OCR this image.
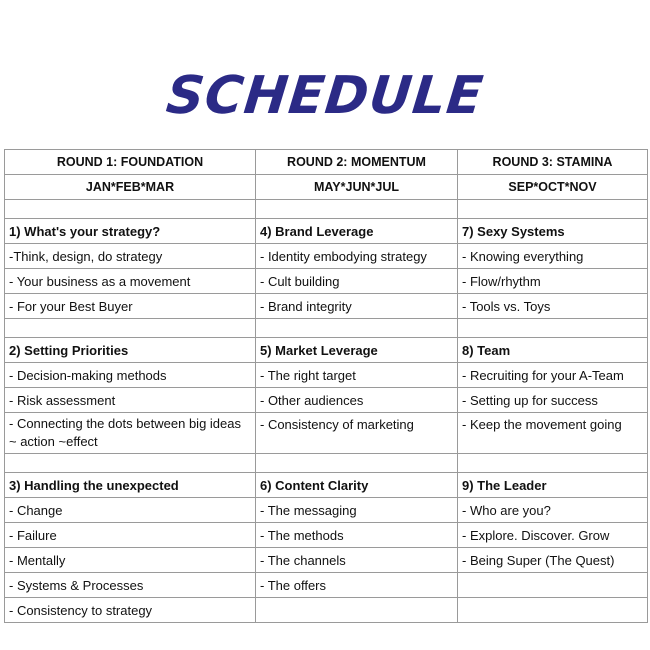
SCHEDULE
ROUND 1: FOUNDATION	ROUND 2: MOMENTUM	ROUND 3: STAMINA
JAN*FEB*MAR	MAY*JUN*JUL	SEP*OCT*NOV

1) What's your strategy?	4) Brand Leverage	7) Sexy Systems
-Think, design, do strategy	- Identity embodying strategy	- Knowing everything
- Your business as a movement	- Cult building	- Flow/rhythm
- For your Best Buyer	- Brand integrity	- Tools vs. Toys

2) Setting Priorities	5) Market Leverage	8) Team
- Decision-making methods	- The right target	- Recruiting for your A-Team
- Risk assessment	- Other audiences	- Setting up for success
- Connecting the dots between big ideas ~ action ~effect	- Consistency of marketing	- Keep the movement going

3) Handling the unexpected	6) Content Clarity	9) The Leader
- Change	- The messaging	- Who are you?
- Failure	- The methods	- Explore. Discover. Grow
- Mentally	- The channels	- Being Super (The Quest)
- Systems & Processes	- The offers	
- Consistency to strategy		
